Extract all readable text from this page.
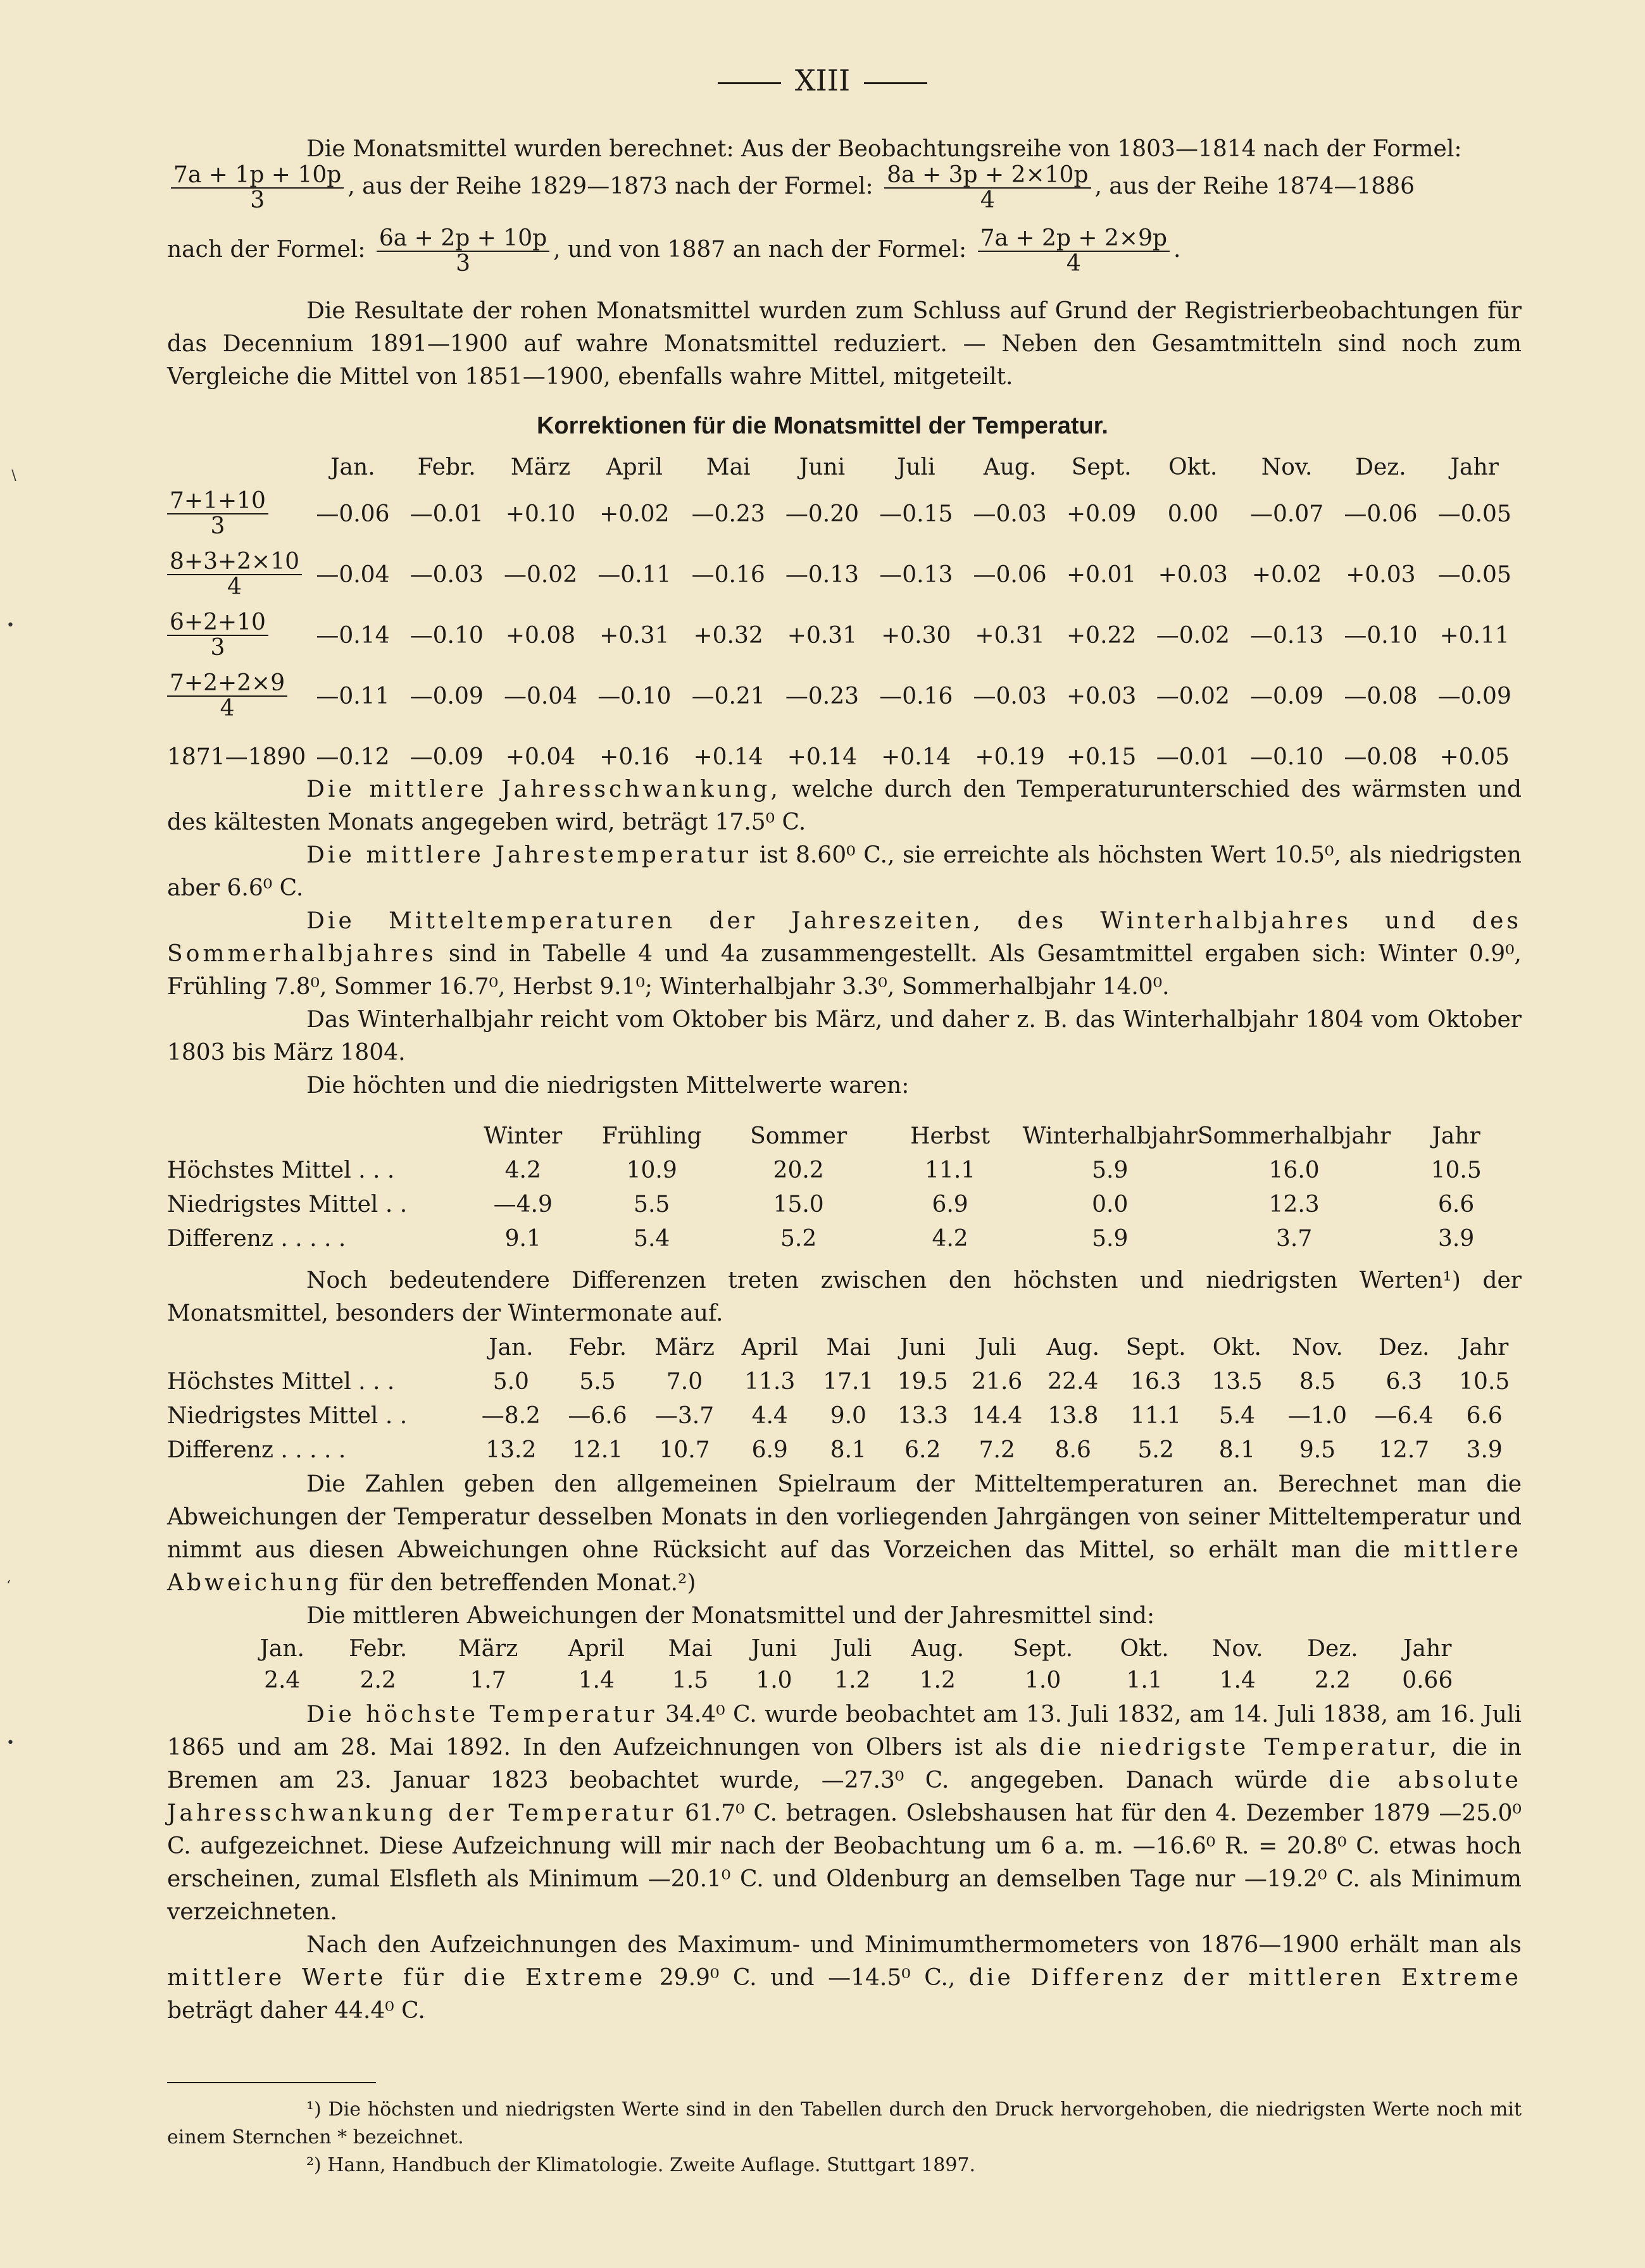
XIII

Die Monatsmittel wurden berechnet: Aus der Beobachtungsreihe von 1803—1814 nach der Formel:

$\frac{7a + 1p + 10p}{3}$ , aus der Reihe 1829—1873 nach der Formel: $\frac{8a + 3p + 2⨯10p}{4}$ , aus der Reihe 1874—1886
nach der Formel: $\frac{6a + 2p + 10p}{3}$ , und von 1887 an nach der Formel: $\frac{7a + 2p + 2⨯9p}{4}$ .

Die Resultate der rohen Monatsmittel wurden zum Schluss auf Grund der Registrierbeobachtungen für das Decennium 1891—1900 auf wahre Monatsmittel reduziert. — Neben den Gesamtmitteln sind noch zum Vergleiche die Mittel von 1851—1900, ebenfalls wahre Mittel, mitgeteilt.

Korrektionen für die Monatsmittel der Temperatur.
	Jan.	Febr.	März	April	Mai	Juni	Juli	Aug.	Sept.	Okt.	Nov.	Dez.	Jahr

$\frac{7+1+10}{3}$	—0.06	—0.01	+0.10	+0.02	—0.23	—0.20	—0.15	—0.03	+0.09	0.00	—0.07	—0.06	—0.05

$\frac{8+3+2⨯10}{4}$	—0.04	—0.03	—0.02	—0.11	—0.16	—0.13	—0.13	—0.06	+0.01	+0.03	+0.02	+0.03	—0.05

$\frac{6+2+10}{3}$	—0.14	—0.10	+0.08	+0.31	+0.32	+0.31	+0.30	+0.31	+0.22	—0.02	—0.13	—0.10	+0.11

$\frac{7+2+2⨯9}{4}$	—0.11	—0.09	—0.04	—0.10	—0.21	—0.23	—0.16	—0.03	+0.03	—0.02	—0.09	—0.08	—0.09
1871—1890	—0.12	—0.09	+0.04	+0.16	+0.14	+0.14	+0.14	+0.19	+0.15	—0.01	—0.10	—0.08	+0.05

Die mittlere Jahresschwankung, welche durch den Temperaturunterschied des wärmsten und des kältesten Monats angegeben wird, beträgt 17.5⁰ C.

Die mittlere Jahrestemperatur ist 8.60⁰ C., sie erreichte als höchsten Wert 10.5⁰, als niedrigsten aber 6.6⁰ C.

Die Mitteltemperaturen der Jahreszeiten, des Winterhalbjahres und des Sommerhalbjahres sind in Tabelle 4 und 4a zusammengestellt. Als Gesamtmittel ergaben sich: Winter 0.9⁰, Frühling 7.8⁰, Sommer 16.7⁰, Herbst 9.1⁰; Winterhalbjahr 3.3⁰, Sommerhalbjahr 14.0⁰.

Das Winterhalbjahr reicht vom Oktober bis März, und daher z. B. das Winterhalbjahr 1804 vom Oktober 1803 bis März 1804.

Die höchten und die niedrigsten Mittelwerte waren:

	Winter	Frühling	Sommer	Herbst	Winterhalbjahr	Sommerhalbjahr	Jahr
Höchstes Mittel . . .	4.2	10.9	20.2	11.1	5.9	16.0	10.5
Niedrigstes Mittel . .	—4.9	5.5	15.0	6.9	0.0	12.3	6.6
Differenz . . . . .	9.1	5.4	5.2	4.2	5.9	3.7	3.9

Noch bedeutendere Differenzen treten zwischen den höchsten und niedrigsten Werten¹) der Monatsmittel, besonders der Wintermonate auf.

	Jan.	Febr.	März	April	Mai	Juni	Juli	Aug.	Sept.	Okt.	Nov.	Dez.	Jahr
Höchstes Mittel . . .	5.0	5.5	7.0	11.3	17.1	19.5	21.6	22.4	16.3	13.5	8.5	6.3	10.5
Niedrigstes Mittel . .	—8.2	—6.6	—3.7	4.4	9.0	13.3	14.4	13.8	11.1	5.4	—1.0	—6.4	6.6
Differenz . . . . .	13.2	12.1	10.7	6.9	8.1	6.2	7.2	8.6	5.2	8.1	9.5	12.7	3.9

Die Zahlen geben den allgemeinen Spielraum der Mitteltemperaturen an. Berechnet man die Abweichungen der Temperatur desselben Monats in den vorliegenden Jahrgängen von seiner Mitteltemperatur und nimmt aus diesen Abweichungen ohne Rücksicht auf das Vorzeichen das Mittel, so erhält man die mittlere Abweichung für den betreffenden Monat.²)

Die mittleren Abweichungen der Monatsmittel und der Jahresmittel sind:

Jan.	Febr.	März	April	Mai	Juni	Juli	Aug.	Sept.	Okt.	Nov.	Dez.	Jahr
2.4	2.2	1.7	1.4	1.5	1.0	1.2	1.2	1.0	1.1	1.4	2.2	0.66

Die höchste Temperatur 34.4⁰ C. wurde beobachtet am 13. Juli 1832, am 14. Juli 1838, am 16. Juli 1865 und am 28. Mai 1892. In den Aufzeichnungen von Olbers ist als die niedrigste Temperatur, die in Bremen am 23. Januar 1823 beobachtet wurde, —27.3⁰ C. angegeben. Danach würde die absolute Jahresschwankung der Temperatur 61.7⁰ C. betragen. Oslebshausen hat für den 4. Dezember 1879 —25.0⁰ C. aufgezeichnet. Diese Aufzeichnung will mir nach der Beobachtung um 6 a. m. —16.6⁰ R. = 20.8⁰ C. etwas hoch erscheinen, zumal Elsfleth als Minimum —20.1⁰ C. und Oldenburg an demselben Tage nur —19.2⁰ C. als Minimum verzeichneten.

Nach den Aufzeichnungen des Maximum- und Minimumthermometers von 1876—1900 erhält man als mittlere Werte für die Extreme 29.9⁰ C. und —14.5⁰ C., die Differenz der mittleren Extreme beträgt daher 44.4⁰ C.

¹) Die höchsten und niedrigsten Werte sind in den Tabellen durch den Druck hervorgehoben, die niedrigsten Werte noch mit einem Sternchen * bezeichnet.

²) Hann, Handbuch der Klimatologie. Zweite Auflage. Stuttgart 1897.

∖
•
‘
•
